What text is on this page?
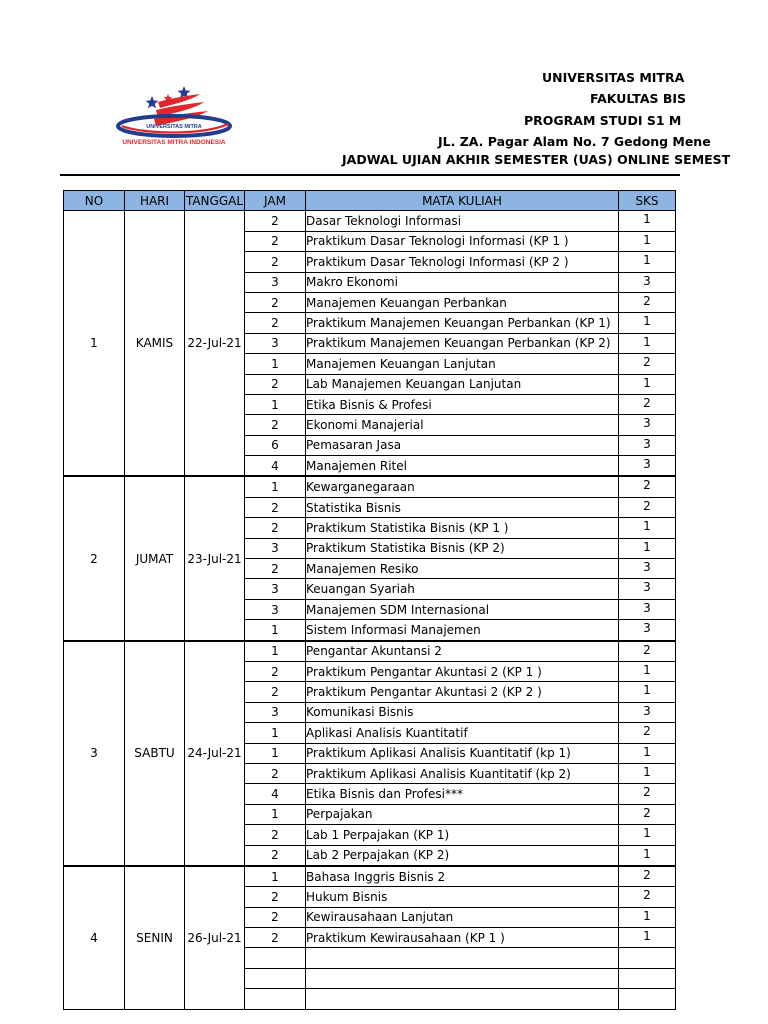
UNIVERSITAS MITRA
UNIVERSITAS MITRA INDONESIA
UNIVERSITAS MITRA
FAKULTAS BIS
PROGRAM STUDI S1 M
JL. ZA. Pagar Alam No. 7 Gedong Mene
JADWAL UJIAN AKHIR SEMESTER (UAS) ONLINE SEMEST
NO	HARI	TANGGAL	JAM	MATA KULIAH	SKS
1	KAMIS	22-Jul-21	2	Dasar Teknologi Informasi	1
			2	Praktikum Dasar Teknologi Informasi (KP 1 )	1
			2	Praktikum Dasar Teknologi Informasi (KP 2 )	1
			3	Makro Ekonomi	3
			2	Manajemen Keuangan Perbankan	2
			2	Praktikum Manajemen Keuangan Perbankan (KP 1)	1
			3	Praktikum Manajemen Keuangan Perbankan (KP 2)	1
			1	Manajemen Keuangan Lanjutan	2
			2	Lab Manajemen Keuangan Lanjutan	1
			1	Etika Bisnis & Profesi	2
			2	Ekonomi Manajerial	3
			6	Pemasaran Jasa	3
			4	Manajemen Ritel	3
2	JUMAT	23-Jul-21	1	Kewarganegaraan	2
			2	Statistika Bisnis	2
			2	Praktikum Statistika Bisnis (KP 1 )	1
			3	Praktikum Statistika Bisnis (KP 2)	1
			2	Manajemen Resiko	3
			3	Keuangan Syariah	3
			3	Manajemen SDM Internasional	3
			1	Sistem Informasi Manajemen	3
3	SABTU	24-Jul-21	1	Pengantar Akuntansi 2	2
			2	Praktikum Pengantar Akuntasi 2 (KP 1 )	1
			2	Praktikum Pengantar Akuntasi 2 (KP 2 )	1
			3	Komunikasi Bisnis	3
			1	Aplikasi Analisis Kuantitatif	2
			1	Praktikum Aplikasi Analisis Kuantitatif (kp 1)	1
			2	Praktikum Aplikasi Analisis Kuantitatif (kp 2)	1
			4	Etika Bisnis dan Profesi***	2
			1	Perpajakan	2
			2	Lab 1 Perpajakan (KP 1)	1
			2	Lab 2 Perpajakan (KP 2)	1
4	SENIN	26-Jul-21	1	Bahasa Inggris Bisnis 2	2
			2	Hukum Bisnis	2
			2	Kewirausahaan Lanjutan	1
			2	Praktikum Kewirausahaan (KP 1 )	1
